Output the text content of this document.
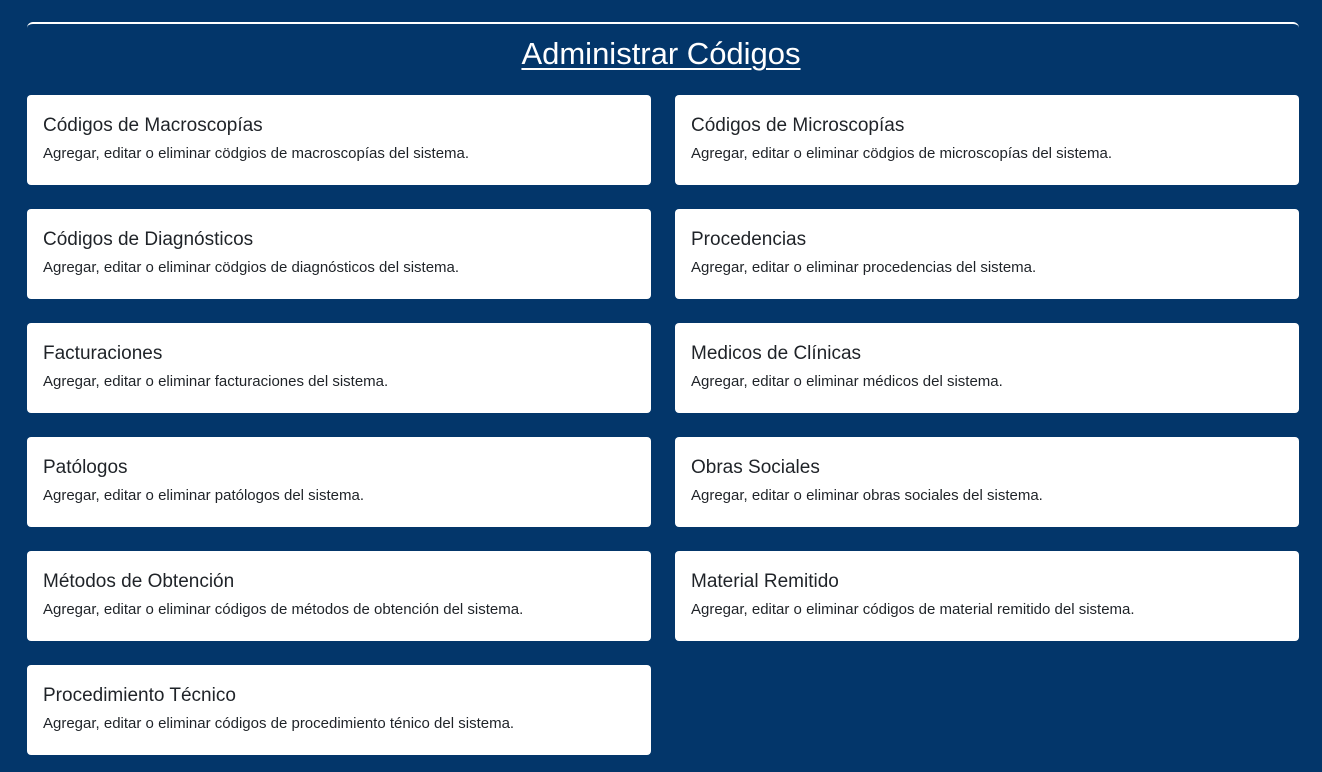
Administrar Códigos
Códigos de Macroscopías
Agregar, editar o eliminar cödgios de macroscopías del sistema.
Códigos de Microscopías
Agregar, editar o eliminar cödgios de microscopías del sistema.
Códigos de Diagnósticos
Agregar, editar o eliminar cödgios de diagnósticos del sistema.
Procedencias
Agregar, editar o eliminar procedencias del sistema.
Facturaciones
Agregar, editar o eliminar facturaciones del sistema.
Medicos de Clínicas
Agregar, editar o eliminar médicos del sistema.
Patólogos
Agregar, editar o eliminar patólogos del sistema.
Obras Sociales
Agregar, editar o eliminar obras sociales del sistema.
Métodos de Obtención
Agregar, editar o eliminar códigos de métodos de obtención del sistema.
Material Remitido
Agregar, editar o eliminar códigos de material remitido del sistema.
Procedimiento Técnico
Agregar, editar o eliminar códigos de procedimiento ténico del sistema.
